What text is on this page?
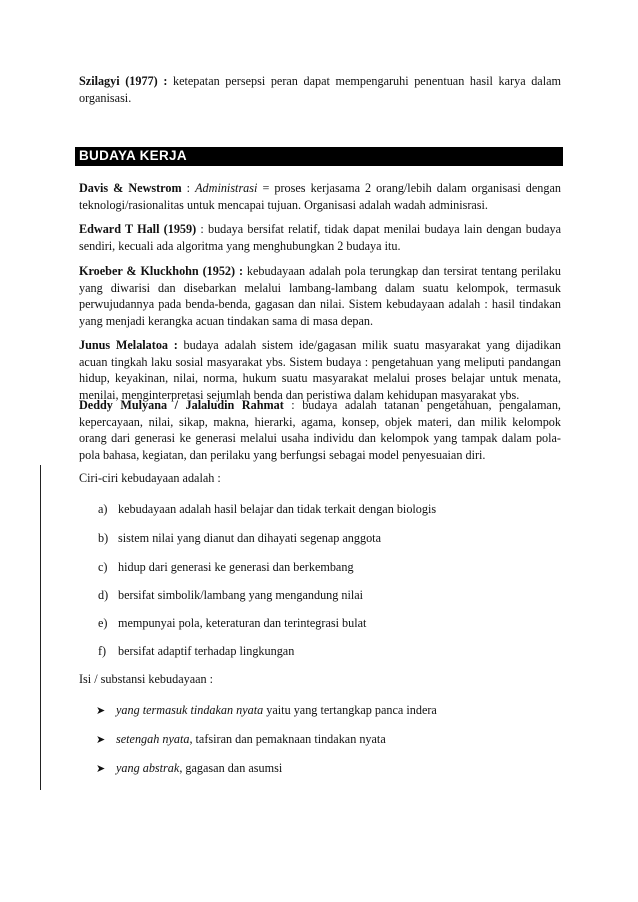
Szilagyi (1977) : ketepatan persepsi peran dapat mempengaruhi penentuan hasil karya dalam organisasi.
BUDAYA KERJA
Davis & Newstrom : Administrasi = proses kerjasama 2 orang/lebih dalam organisasi dengan teknologi/rasionalitas untuk mencapai tujuan. Organisasi adalah wadah adminisrasi.
Edward T Hall (1959) : budaya bersifat relatif, tidak dapat menilai budaya lain dengan budaya sendiri, kecuali ada algoritma yang menghubungkan 2 budaya itu.
Kroeber & Kluckhohn (1952) : kebudayaan adalah pola terungkap dan tersirat tentang perilaku yang diwarisi dan disebarkan melalui lambang-lambang dalam suatu kelompok, termasuk perwujudannya pada benda-benda, gagasan dan nilai. Sistem kebudayaan adalah : hasil tindakan yang menjadi kerangka acuan tindakan sama di masa depan.
Junus Melalatoa : budaya adalah sistem ide/gagasan milik suatu masyarakat yang dijadikan acuan tingkah laku sosial masyarakat ybs. Sistem budaya : pengetahuan yang meliputi pandangan hidup, keyakinan, nilai, norma, hukum suatu masyarakat melalui proses belajar untuk menata, menilai, menginterpretasi sejumlah benda dan peristiwa dalam kehidupan masyarakat ybs.
Deddy Mulyana / Jalaludin Rahmat : budaya adalah tatanan pengetahuan, pengalaman, kepercayaan, nilai, sikap, makna, hierarki, agama, konsep, objek materi, dan milik kelompok orang dari generasi ke generasi melalui usaha individu dan kelompok yang tampak dalam pola-pola bahasa, kegiatan, dan perilaku yang berfungsi sebagai model penyesuaian diri.
Ciri-ciri kebudayaan adalah :
a) kebudayaan adalah hasil belajar dan tidak terkait dengan biologis
b) sistem nilai yang dianut dan dihayati segenap anggota
c) hidup dari generasi ke generasi dan berkembang
d) bersifat simbolik/lambang yang mengandung nilai
e) mempunyai pola, keteraturan dan terintegrasi bulat
f) bersifat adaptif terhadap lingkungan
Isi / substansi kebudayaan :
➤ yang termasuk tindakan nyata yaitu yang tertangkap panca indera
➤ setengah nyata, tafsiran dan pemaknaan tindakan nyata
➤ yang abstrak, gagasan dan asumsi
